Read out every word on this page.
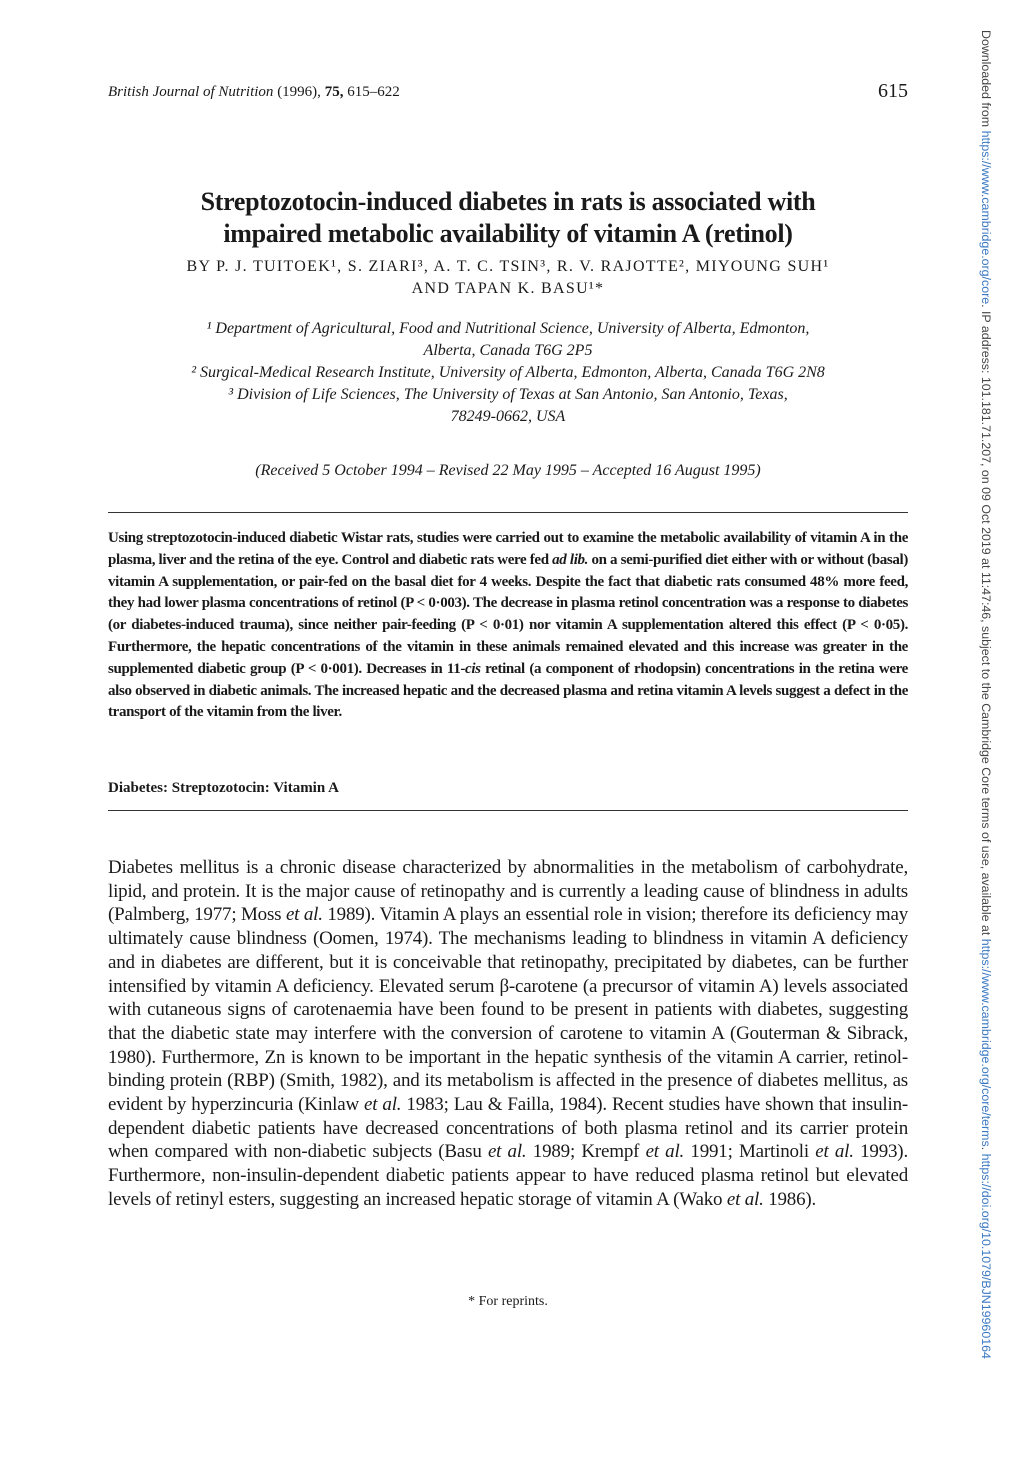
British Journal of Nutrition (1996), 75, 615–622	615
Streptozotocin-induced diabetes in rats is associated with
impaired metabolic availability of vitamin A (retinol)
BY P. J. TUITOEK¹, S. ZIARI³, A. T. C. TSIN³, R. V. RAJOTTE², MIYOUNG SUH¹
AND TAPAN K. BASU¹*
¹ Department of Agricultural, Food and Nutritional Science, University of Alberta, Edmonton,
Alberta, Canada T6G 2P5
² Surgical-Medical Research Institute, University of Alberta, Edmonton, Alberta, Canada T6G 2N8
³ Division of Life Sciences, The University of Texas at San Antonio, San Antonio, Texas,
78249-0662, USA
(Received 5 October 1994 – Revised 22 May 1995 – Accepted 16 August 1995)
Using streptozotocin-induced diabetic Wistar rats, studies were carried out to examine the metabolic availability of vitamin A in the plasma, liver and the retina of the eye. Control and diabetic rats were fed ad lib. on a semi-purified diet either with or without (basal) vitamin A supplementation, or pair-fed on the basal diet for 4 weeks. Despite the fact that diabetic rats consumed 48% more feed, they had lower plasma concentrations of retinol (P < 0·003). The decrease in plasma retinol concentration was a response to diabetes (or diabetes-induced trauma), since neither pair-feeding (P < 0·01) nor vitamin A supplementation altered this effect (P < 0·05). Furthermore, the hepatic concentrations of the vitamin in these animals remained elevated and this increase was greater in the supplemented diabetic group (P < 0·001). Decreases in 11-cis retinal (a component of rhodopsin) concentrations in the retina were also observed in diabetic animals. The increased hepatic and the decreased plasma and retina vitamin A levels suggest a defect in the transport of the vitamin from the liver.
Diabetes: Streptozotocin: Vitamin A
Diabetes mellitus is a chronic disease characterized by abnormalities in the metabolism of carbohydrate, lipid, and protein. It is the major cause of retinopathy and is currently a leading cause of blindness in adults (Palmberg, 1977; Moss et al. 1989). Vitamin A plays an essential role in vision; therefore its deficiency may ultimately cause blindness (Oomen, 1974). The mechanisms leading to blindness in vitamin A deficiency and in diabetes are different, but it is conceivable that retinopathy, precipitated by diabetes, can be further intensified by vitamin A deficiency. Elevated serum β-carotene (a precursor of vitamin A) levels associated with cutaneous signs of carotenaemia have been found to be present in patients with diabetes, suggesting that the diabetic state may interfere with the conversion of carotene to vitamin A (Gouterman & Sibrack, 1980). Furthermore, Zn is known to be important in the hepatic synthesis of the vitamin A carrier, retinol-binding protein (RBP) (Smith, 1982), and its metabolism is affected in the presence of diabetes mellitus, as evident by hyperzincuria (Kinlaw et al. 1983; Lau & Failla, 1984). Recent studies have shown that insulin-dependent diabetic patients have decreased concentrations of both plasma retinol and its carrier protein when compared with non-diabetic subjects (Basu et al. 1989; Krempf et al. 1991; Martinoli et al. 1993). Furthermore, non-insulin-dependent diabetic patients appear to have reduced plasma retinol but elevated levels of retinyl esters, suggesting an increased hepatic storage of vitamin A (Wako et al. 1986).
* For reprints.
Downloaded from https://www.cambridge.org/core. IP address: 101.181.71.207, on 09 Oct 2019 at 11:47:46, subject to the Cambridge Core terms of use, available at https://www.cambridge.org/core/terms. https://doi.org/10.1079/BJN19960164
